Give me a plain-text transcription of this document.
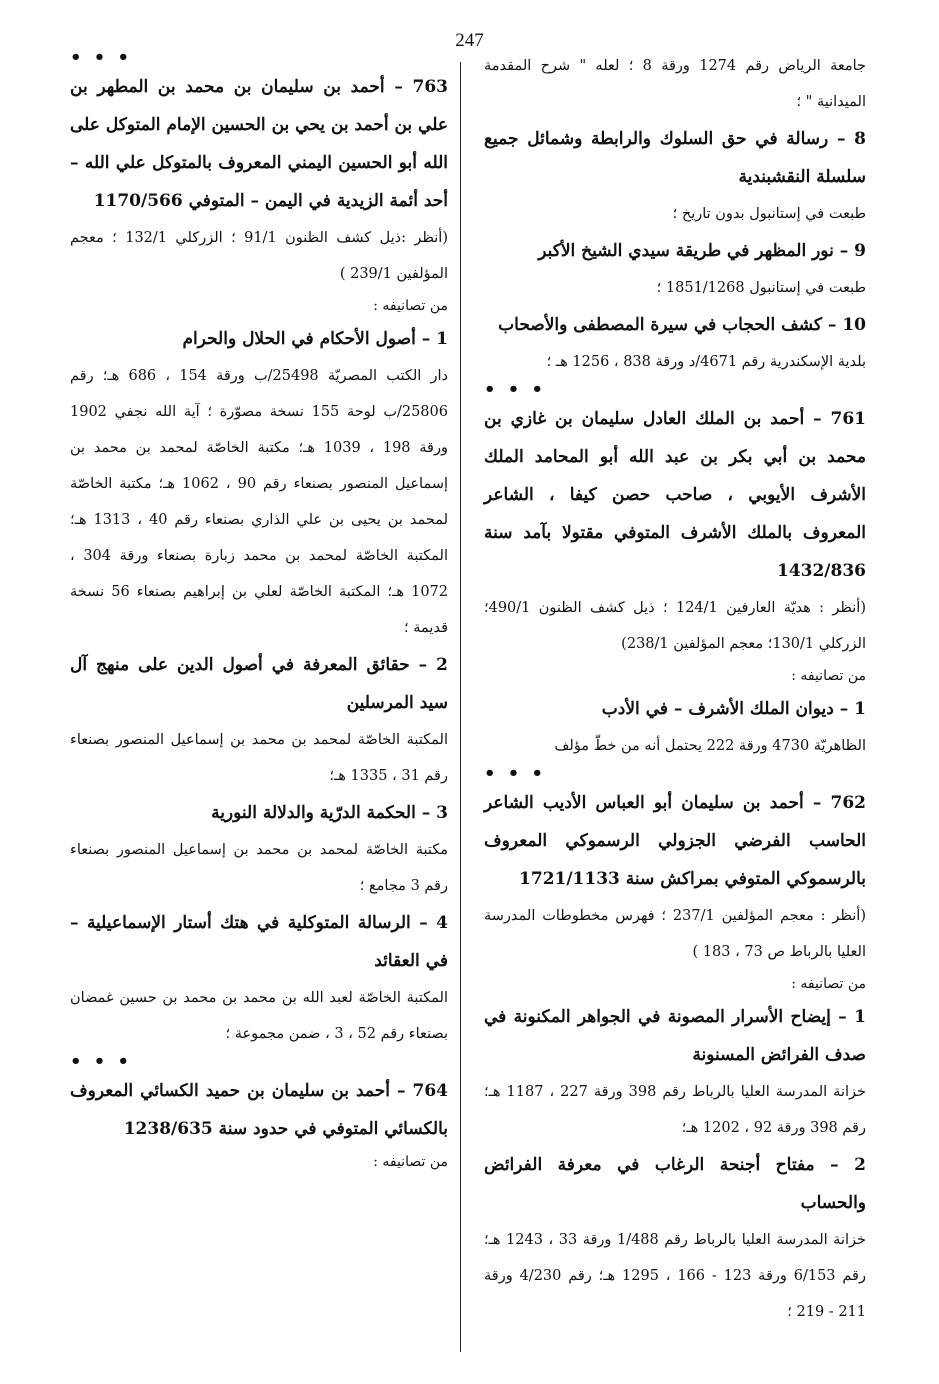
247

جامعة الرياض رقم 1274 ورقة 8 ؛ لعله " شرح المقدمة الميدانية " ؛

8 – رسالة في حق السلوك والرابطة وشمائل جميع سلسلة النقشبندية

طبعت في إستانبول بدون تاريخ ؛

9 – نور المظهر في طريقة سيدي الشيخ الأكبر

طبعت في إستانبول 1851/1268 ؛

10 – كشف الحجاب في سيرة المصطفى والأصحاب

بلدية الإسكندرية رقم 4671/د ورقة 838 ، 1256 هـ ؛

• • •

761 – أحمد بن الملك العادل سليمان بن غازي بن محمد بن أبي بكر بن عبد الله أبو المحامد الملك الأشرف الأيوبي ، صاحب حصن كيفا ، الشاعر المعروف بالملك الأشرف المتوفي مقتولا بآمد سنة 1432/836

(أنظر : هديّة العارفين 124/1 ؛ ذيل كشف الظنون 490/1؛ الزركلي 130/1؛ معجم المؤلفين 238/1)

من تصانيفه :

1 – ديوان الملك الأشرف – في الأدب

الظاهريّة 4730 ورقة 222 يحتمل أنه من خطّ مؤلف

• • •

762 – أحمد بن سليمان أبو العباس الأديب الشاعر الحاسب الفرضي الجزولي الرسموكي المعروف بالرسموكي المتوفي بمراكش سنة 1721/1133

(أنظر : معجم المؤلفين 237/1 ؛ فهرس مخطوطات المدرسة العليا بالرباط ص 73 ، 183 )

من تصانيفه :

1 – إيضاح الأسرار المصونة في الجواهر المكنونة في صدف الفرائض المسنونة

خزانة المدرسة العليا بالرباط رقم 398 ورقة 227 ، 1187 هـ؛ رقم 398 ورقة 92 ، 1202 هـ؛

2 – مفتاح أجنحة الرغاب في معرفة الفرائض والحساب

خزانة المدرسة العليا بالرباط رقم 1/488 ورقة 33 ، 1243 هـ؛ رقم 6/153 ورقة 123 - 166 ، 1295 هـ؛ رقم 4/230 ورقة 211 - 219 ؛

• • •

763 – أحمد بن سليمان بن محمد بن المطهر بن علي بن أحمد بن يحي بن الحسين الإمام المتوكل على الله أبو الحسين اليمني المعروف بالمتوكل علي الله – أحد أئمة الزيدية في اليمن – المتوفي 1170/566

(أنظر :ذيل كشف الظنون 91/1 ؛ الزركلي 132/1 ؛ معجم المؤلفين 239/1 )

من تصانيفه :

1 – أصول الأحكام في الحلال والحرام

دار الكتب المصريّة 25498/ب ورقة 154 ، 686 هـ؛ رقم 25806/ب لوحة 155 نسخة مصوّرة ؛ آية الله نجفي 1902 ورقة 198 ، 1039 هـ؛ مكتبة الخاصّة لمحمد بن محمد بن إسماعيل المنصور بصنعاء رقم 90 ، 1062 هـ؛ مكتبة الخاصّة لمحمد بن يحيى بن علي الذاري بصنعاء رقم 40 ، 1313 هـ؛ المكتبة الخاصّة لمحمد بن محمد زبارة بصنعاء ورقة 304 ، 1072 هـ؛ المكتبة الخاصّة لعلي بن إبراهيم بصنعاء 56 نسخة قديمة ؛

2 – حقائق المعرفة في أصول الدين على منهج آل سيد المرسلين

المكتبة الخاصّة لمحمد بن محمد بن إسماعيل المنصور بصنعاء رقم 31 ، 1335 هـ؛

3 – الحكمة الدرّية والدلالة النورية

مكتبة الخاصّة لمحمد بن محمد بن إسماعيل المنصور بصنعاء رقم 3 مجامع ؛

4 – الرسالة المتوكلية في هتك أستار الإسماعيلية – في العقائد

المكتبة الخاصّة لعبد الله بن محمد بن محمد بن حسين غمضان بصنعاء رقم 52 ، 3 ، ضمن مجموعة ؛

• • •

764 – أحمد بن سليمان بن حميد الكسائي المعروف بالكسائي المتوفي في حدود سنة 1238/635

من تصانيفه :
